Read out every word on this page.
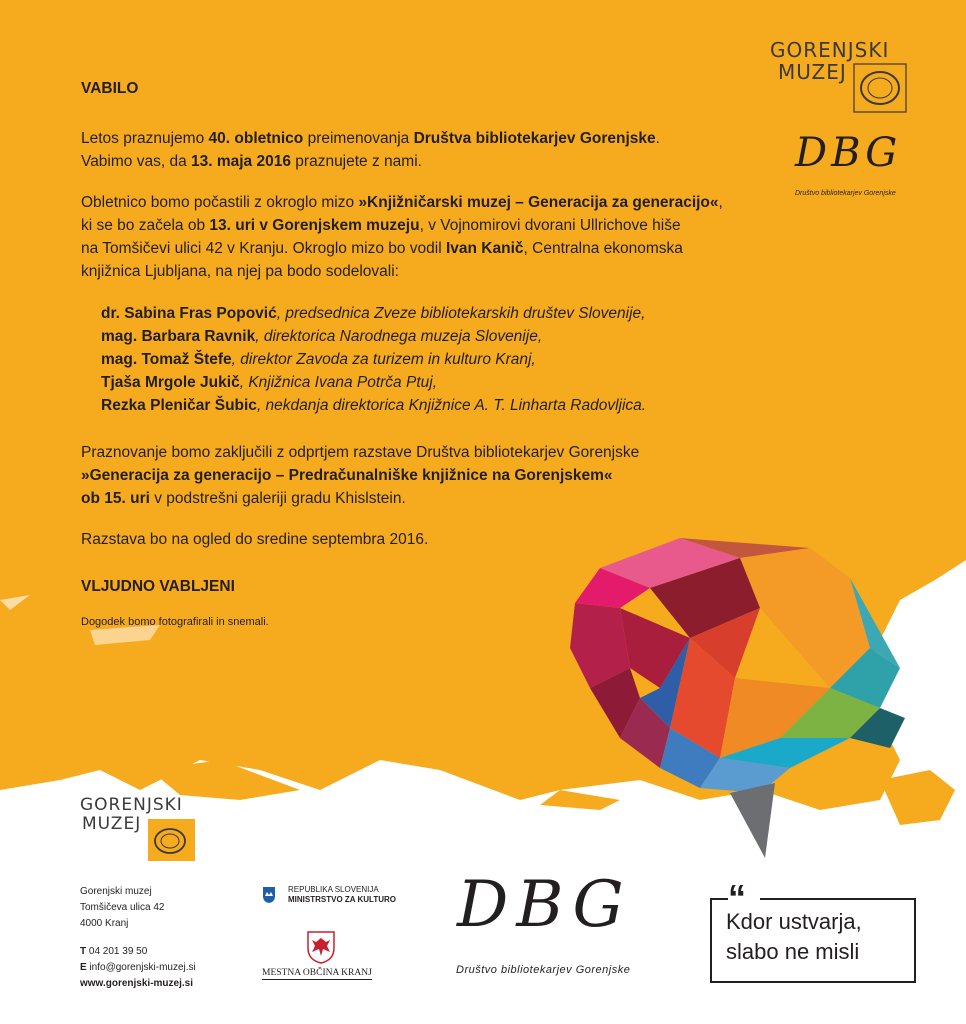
GORENJSKI
MUZEJ
DBG
Društvo bibliotekarjev Gorenjske
VABILO
Letos praznujemo 40. obletnico preimenovanja Društva bibliotekarjev Gorenjske.
Vabimo vas, da 13. maja 2016 praznujete z nami.
Obletnico bomo počastili z okroglo mizo »Knjižničarski muzej – Generacija za generacijo«,
ki se bo začela ob 13. uri v Gorenjskem muzeju, v Vojnomirovi dvorani Ullrichove hiše
na Tomšičevi ulici 42 v Kranju. Okroglo mizo bo vodil Ivan Kanič, Centralna ekonomska
knjižnica Ljubljana, na njej pa bodo sodelovali:
dr. Sabina Fras Popović, predsednica Zveze bibliotekarskih društev Slovenije,
mag. Barbara Ravnik, direktorica Narodnega muzeja Slovenije,
mag. Tomaž Štefe, direktor Zavoda za turizem in kulturo Kranj,
Tjaša Mrgole Jukič, Knjižnica Ivana Potrča Ptuj,
Rezka Pleničar Šubic, nekdanja direktorica Knjižnice A. T. Linharta Radovljica.
Praznovanje bomo zaključili z odprtjem razstave Društva bibliotekarjev Gorenjske
»Generacija za generacijo – Predračunalniške knjižnice na Gorenjskem«
ob 15. uri v podstrešni galeriji gradu Khislstein.
Razstava bo na ogled do sredine septembra 2016.
VLJUDNO VABLJENI
Dogodek bomo fotografirali in snemali.
GORENJSKI
MUZEJ
Gorenjski muzej
Tomšičeva ulica 42
4000 Kranj
T 04 201 39 50
E info@gorenjski-muzej.si
www.gorenjski-muzej.si
REPUBLIKA SLOVENIJA
MINISTRSTVO ZA KULTURO
MESTNA OBČINA KRANJ
DBG
Društvo bibliotekarjev Gorenjske
“
Kdor ustvarja,
slabo ne misli
